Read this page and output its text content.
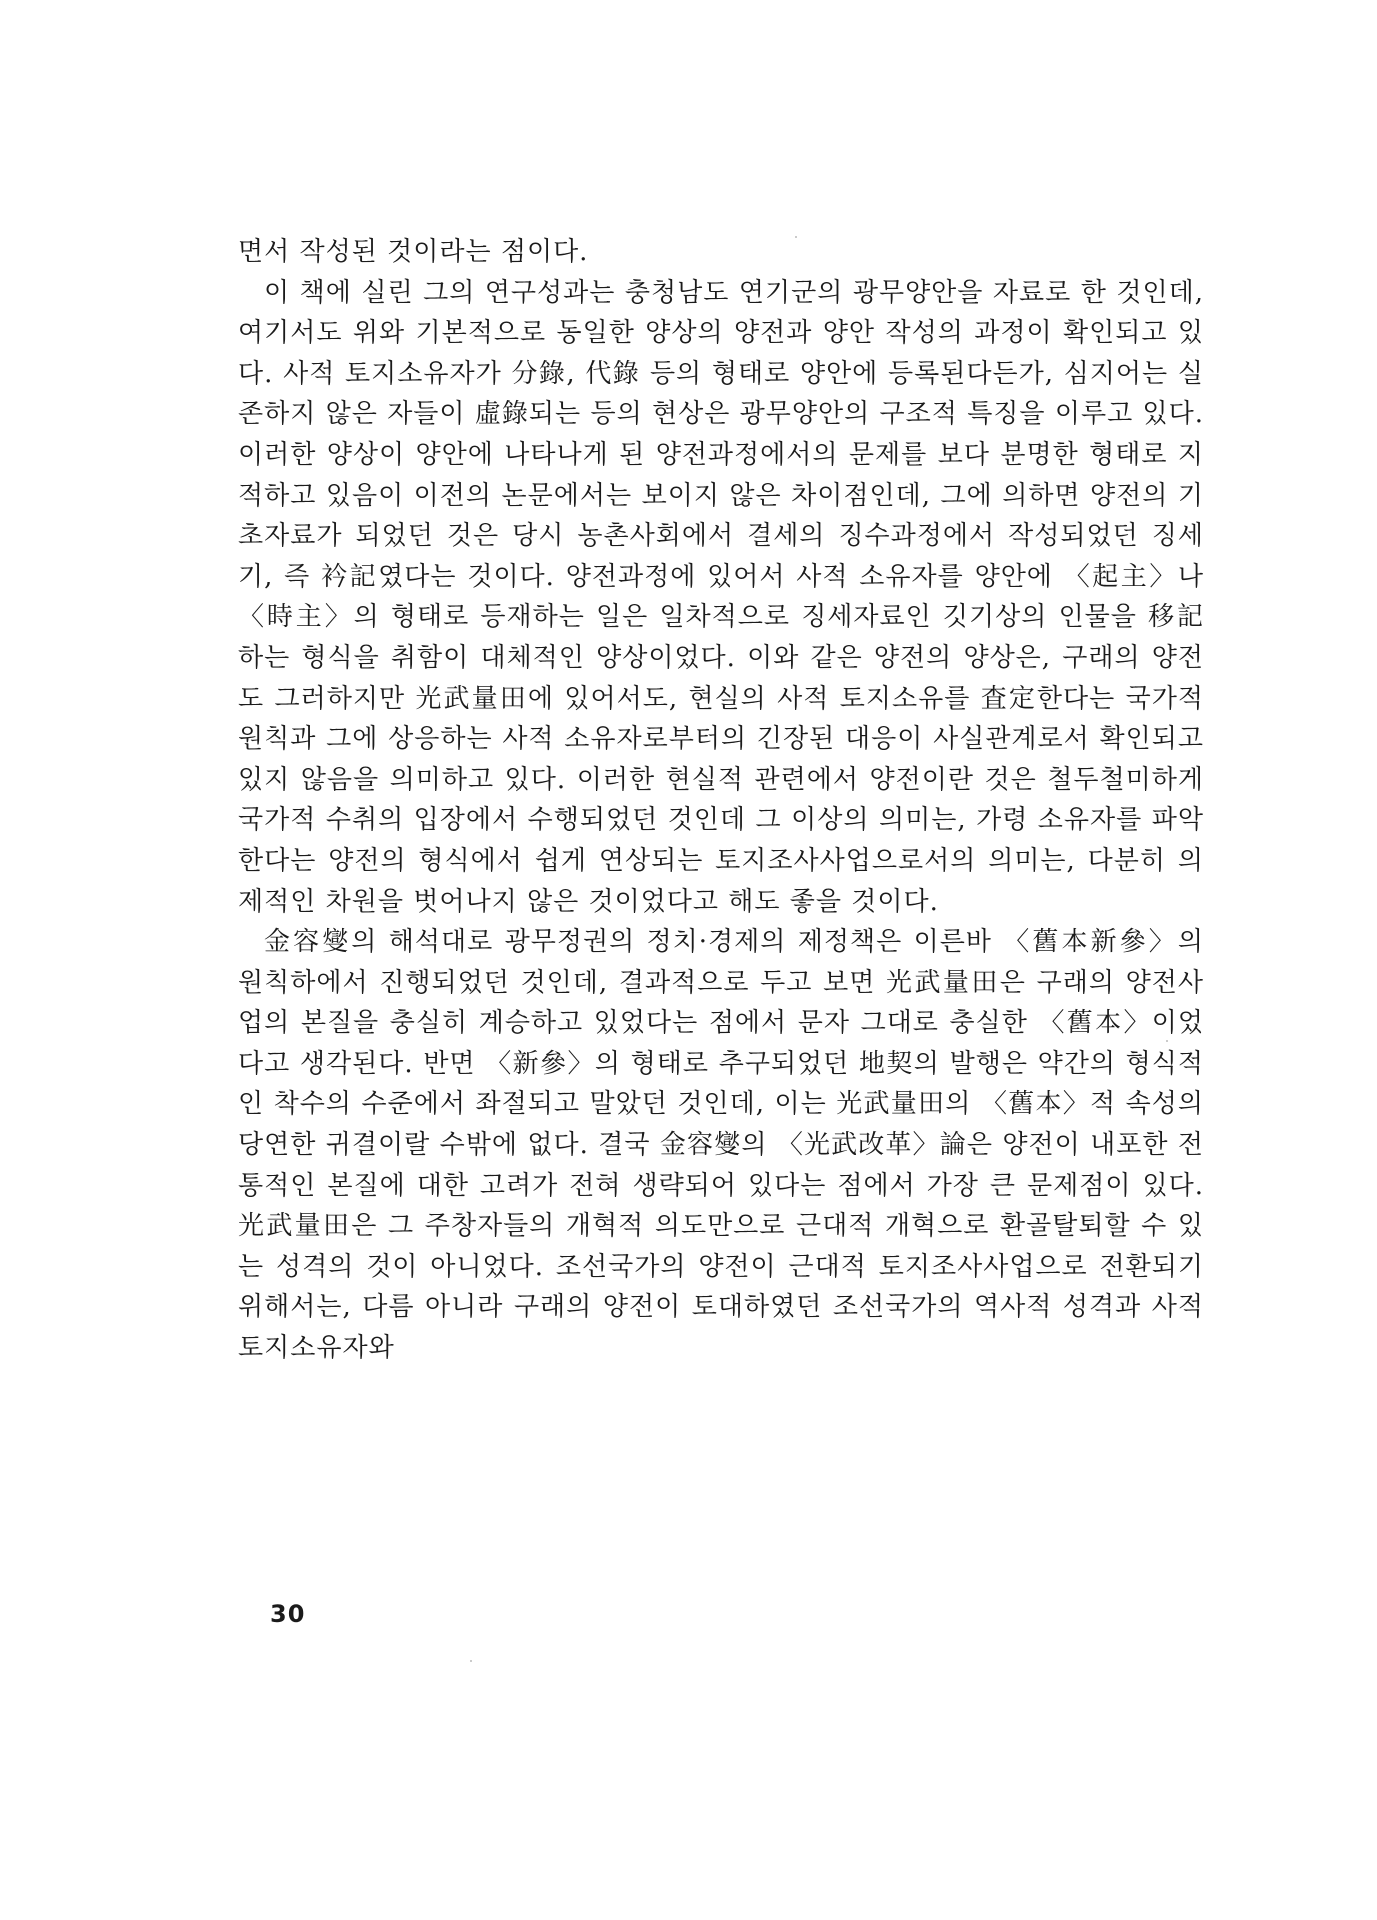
면서 작성된 것이라는 점이다.

이 책에 실린 그의 연구성과는 충청남도 연기군의 광무양안을 자료로 한 것인데, 여기서도 위와 기본적으로 동일한 양상의 양전과 양안 작성의 과정이 확인되고 있다. 사적 토지소유자가 分錄, 代錄 등의 형태로 양안에 등록된다든가, 심지어는 실존하지 않은 자들이 虛錄되는 등의 현상은 광무양안의 구조적 특징을 이루고 있다. 이러한 양상이 양안에 나타나게 된 양전과정에서의 문제를 보다 분명한 형태로 지적하고 있음이 이전의 논문에서는 보이지 않은 차이점인데, 그에 의하면 양전의 기초자료가 되었던 것은 당시 농촌사회에서 결세의 징수과정에서 작성되었던 징세기, 즉 衿記였다는 것이다. 양전과정에 있어서 사적 소유자를 양안에 〈起主〉나 〈時主〉의 형태로 등재하는 일은 일차적으로 징세자료인 깃기상의 인물을 移記하는 형식을 취함이 대체적인 양상이었다. 이와 같은 양전의 양상은, 구래의 양전도 그러하지만 光武量田에 있어서도, 현실의 사적 토지소유를 査定한다는 국가적 원칙과 그에 상응하는 사적 소유자로부터의 긴장된 대응이 사실관계로서 확인되고 있지 않음을 의미하고 있다. 이러한 현실적 관련에서 양전이란 것은 철두철미하게 국가적 수취의 입장에서 수행되었던 것인데 그 이상의 의미는, 가령 소유자를 파악한다는 양전의 형식에서 쉽게 연상되는 토지조사사업으로서의 의미는, 다분히 의제적인 차원을 벗어나지 않은 것이었다고 해도 좋을 것이다.

金容燮의 해석대로 광무정권의 정치·경제의 제정책은 이른바 〈舊本新參〉의 원칙하에서 진행되었던 것인데, 결과적으로 두고 보면 光武量田은 구래의 양전사업의 본질을 충실히 계승하고 있었다는 점에서 문자 그대로 충실한 〈舊本〉이었다고 생각된다. 반면 〈新參〉의 형태로 추구되었던 地契의 발행은 약간의 형식적인 착수의 수준에서 좌절되고 말았던 것인데, 이는 光武量田의 〈舊本〉적 속성의 당연한 귀결이랄 수밖에 없다. 결국 金容燮의 〈光武改革〉論은 양전이 내포한 전통적인 본질에 대한 고려가 전혀 생략되어 있다는 점에서 가장 큰 문제점이 있다. 光武量田은 그 주창자들의 개혁적 의도만으로 근대적 개혁으로 환골탈퇴할 수 있는 성격의 것이 아니었다. 조선국가의 양전이 근대적 토지조사사업으로 전환되기 위해서는, 다름 아니라 구래의 양전이 토대하였던 조선국가의 역사적 성격과 사적 토지소유자와

30
